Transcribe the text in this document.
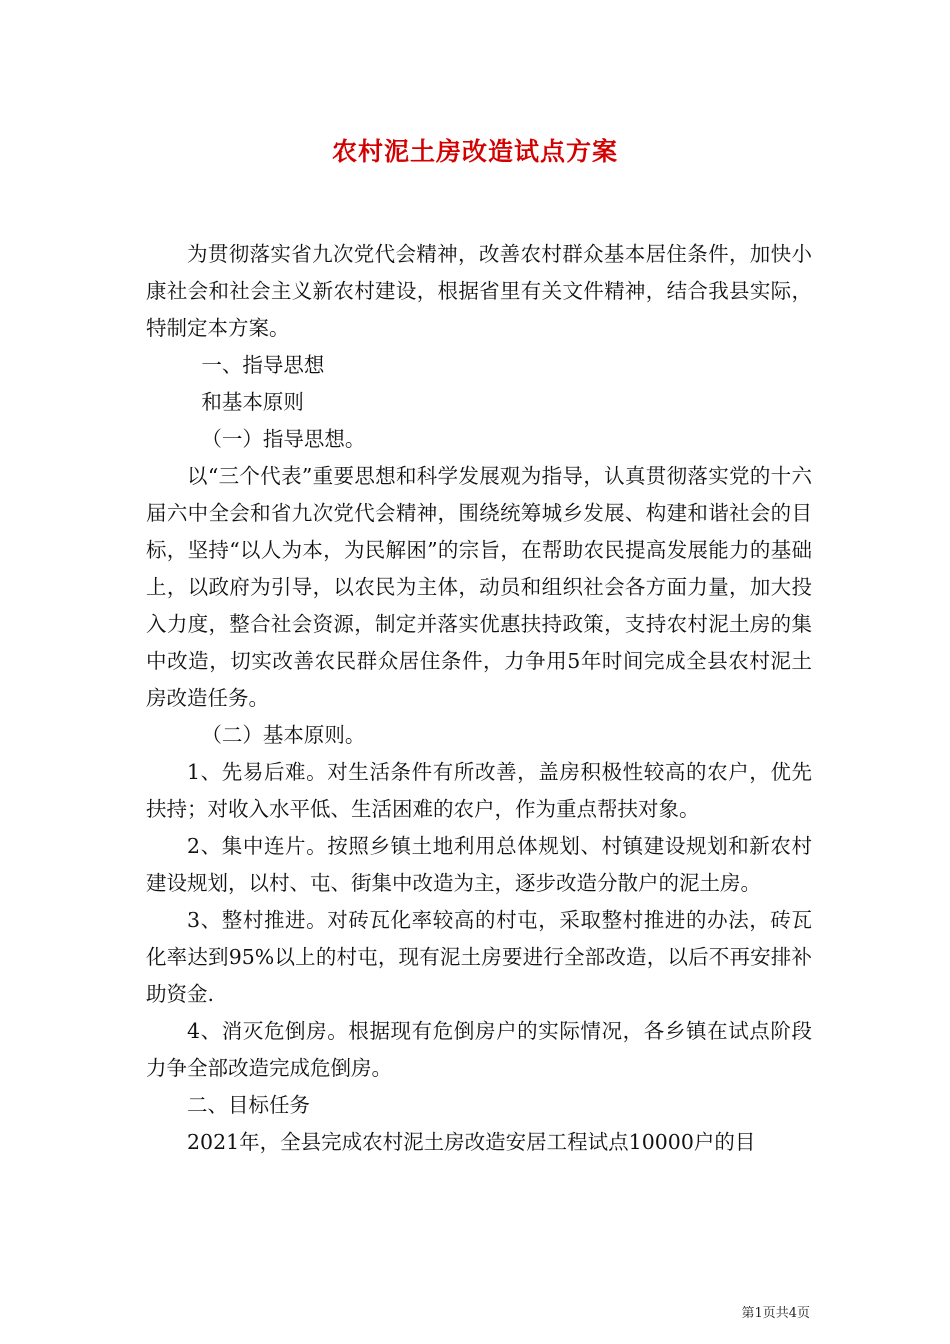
农村泥土房改造试点方案

为贯彻落实省九次党代会精神，改善农村群众基本居住条件，加快小康社会和社会主义新农村建设，根据省里有关文件精神，结合我县实际，特制定本方案。

一、指导思想

和基本原则

（一）指导思想。

以“三个代表”重要思想和科学发展观为指导，认真贯彻落实党的十六届六中全会和省九次党代会精神，围绕统筹城乡发展、构建和谐社会的目标，坚持“以人为本，为民解困”的宗旨，在帮助农民提高发展能力的基础上，以政府为引导，以农民为主体，动员和组织社会各方面力量，加大投入力度，整合社会资源，制定并落实优惠扶持政策，支持农村泥土房的集中改造，切实改善农民群众居住条件，力争用5年时间完成全县农村泥土房改造任务。

（二）基本原则。

1、先易后难。对生活条件有所改善，盖房积极性较高的农户，优先扶持；对收入水平低、生活困难的农户，作为重点帮扶对象。

2、集中连片。按照乡镇土地利用总体规划、村镇建设规划和新农村建设规划，以村、屯、街集中改造为主，逐步改造分散户的泥土房。

3、整村推进。对砖瓦化率较高的村屯，采取整村推进的办法，砖瓦化率达到95%以上的村屯，现有泥土房要进行全部改造，以后不再安排补助资金.

4、消灭危倒房。根据现有危倒房户的实际情况，各乡镇在试点阶段力争全部改造完成危倒房。

二、目标任务

2021年，全县完成农村泥土房改造安居工程试点10000户的目

第1页共4页
